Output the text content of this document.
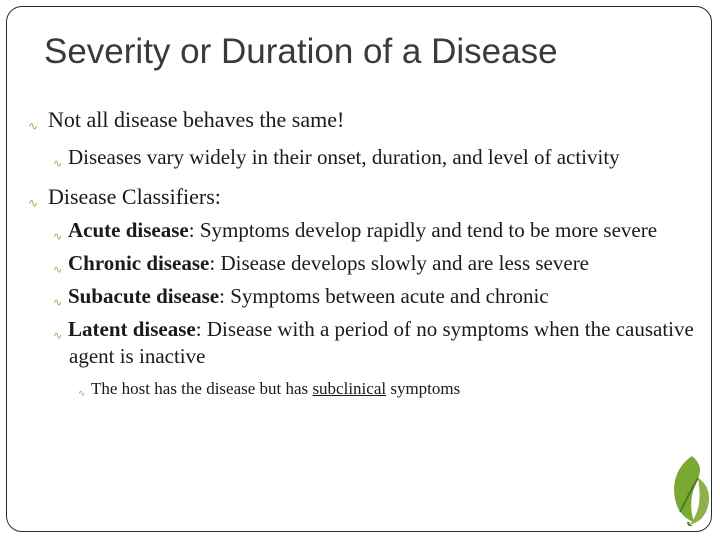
Severity or Duration of a Disease
∿ Not all disease behaves the same!
∿ Diseases vary widely in their onset, duration, and level of activity
∿ Disease Classifiers:
∿ Acute disease: Symptoms develop rapidly and tend to be more severe
∿ Chronic disease: Disease develops slowly and are less severe
∿ Subacute disease: Symptoms between acute and chronic
∿ Latent disease: Disease with a period of no symptoms when the causative agent is inactive
∿ The host has the disease but has subclinical symptoms
